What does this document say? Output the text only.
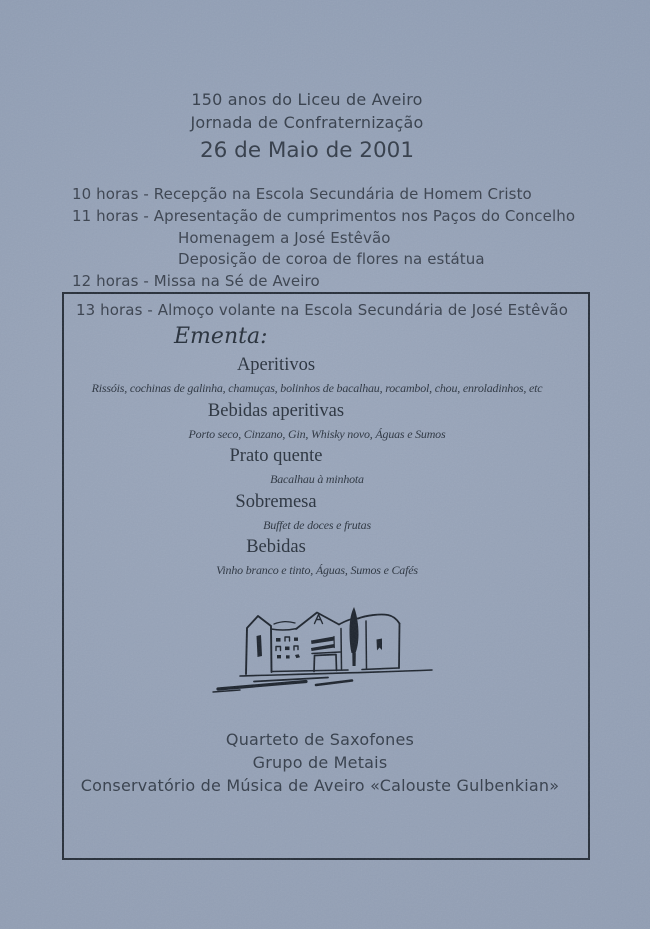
150 anos do Liceu de Aveiro
Jornada de Confraternização
26 de Maio de 2001
10 horas - Recepção na Escola Secundária de Homem Cristo
11 horas - Apresentação de cumprimentos nos Paços do Concelho
Homenagem a José Estêvão
Deposição de coroa de flores na estátua
12 horas - Missa na Sé de Aveiro
13 horas - Almoço volante na Escola Secundária de José Estêvão
Ementa:
Aperitivos
Rissóis, cochinas de galinha, chamuças, bolinhos de bacalhau, rocambol, chou, enroladinhos, etc
Bebidas aperitivas
Porto seco, Cinzano, Gin, Whisky novo, Águas e Sumos
Prato quente
Bacalhau à minhota
Sobremesa
Buffet de doces e frutas
Bebidas
Vinho branco e tinto, Águas, Sumos e Cafés
Quarteto de Saxofones
Grupo de Metais
Conservatório de Música de Aveiro «Calouste Gulbenkian»
